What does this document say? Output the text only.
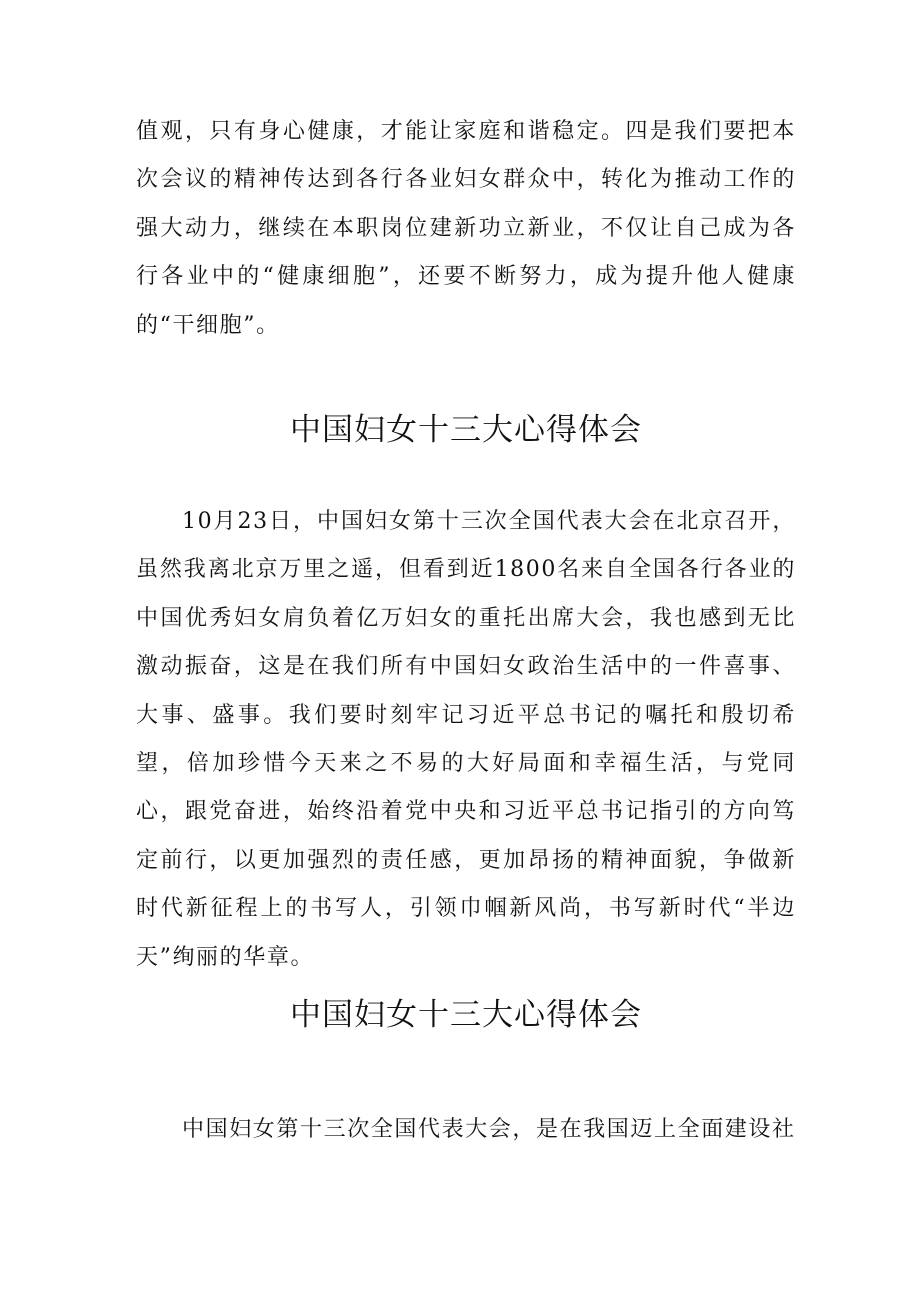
值观，只有身心健康，才能让家庭和谐稳定。四是我们要把本次会议的精神传达到各行各业妇女群众中，转化为推动工作的强大动力，继续在本职岗位建新功立新业，不仅让自己成为各行各业中的“健康细胞”，还要不断努力，成为提升他人健康的“干细胞”。

中国妇女十三大心得体会

10月23日，中国妇女第十三次全国代表大会在北京召开，虽然我离北京万里之遥，但看到近1800名来自全国各行各业的中国优秀妇女肩负着亿万妇女的重托出席大会，我也感到无比激动振奋，这是在我们所有中国妇女政治生活中的一件喜事、大事、盛事。我们要时刻牢记习近平总书记的嘱托和殷切希望，倍加珍惜今天来之不易的大好局面和幸福生活，与党同心，跟党奋进，始终沿着党中央和习近平总书记指引的方向笃定前行，以更加强烈的责任感，更加昂扬的精神面貌，争做新时代新征程上的书写人，引领巾帼新风尚，书写新时代“半边天”绚丽的华章。

中国妇女十三大心得体会

中国妇女第十三次全国代表大会，是在我国迈上全面建设社
